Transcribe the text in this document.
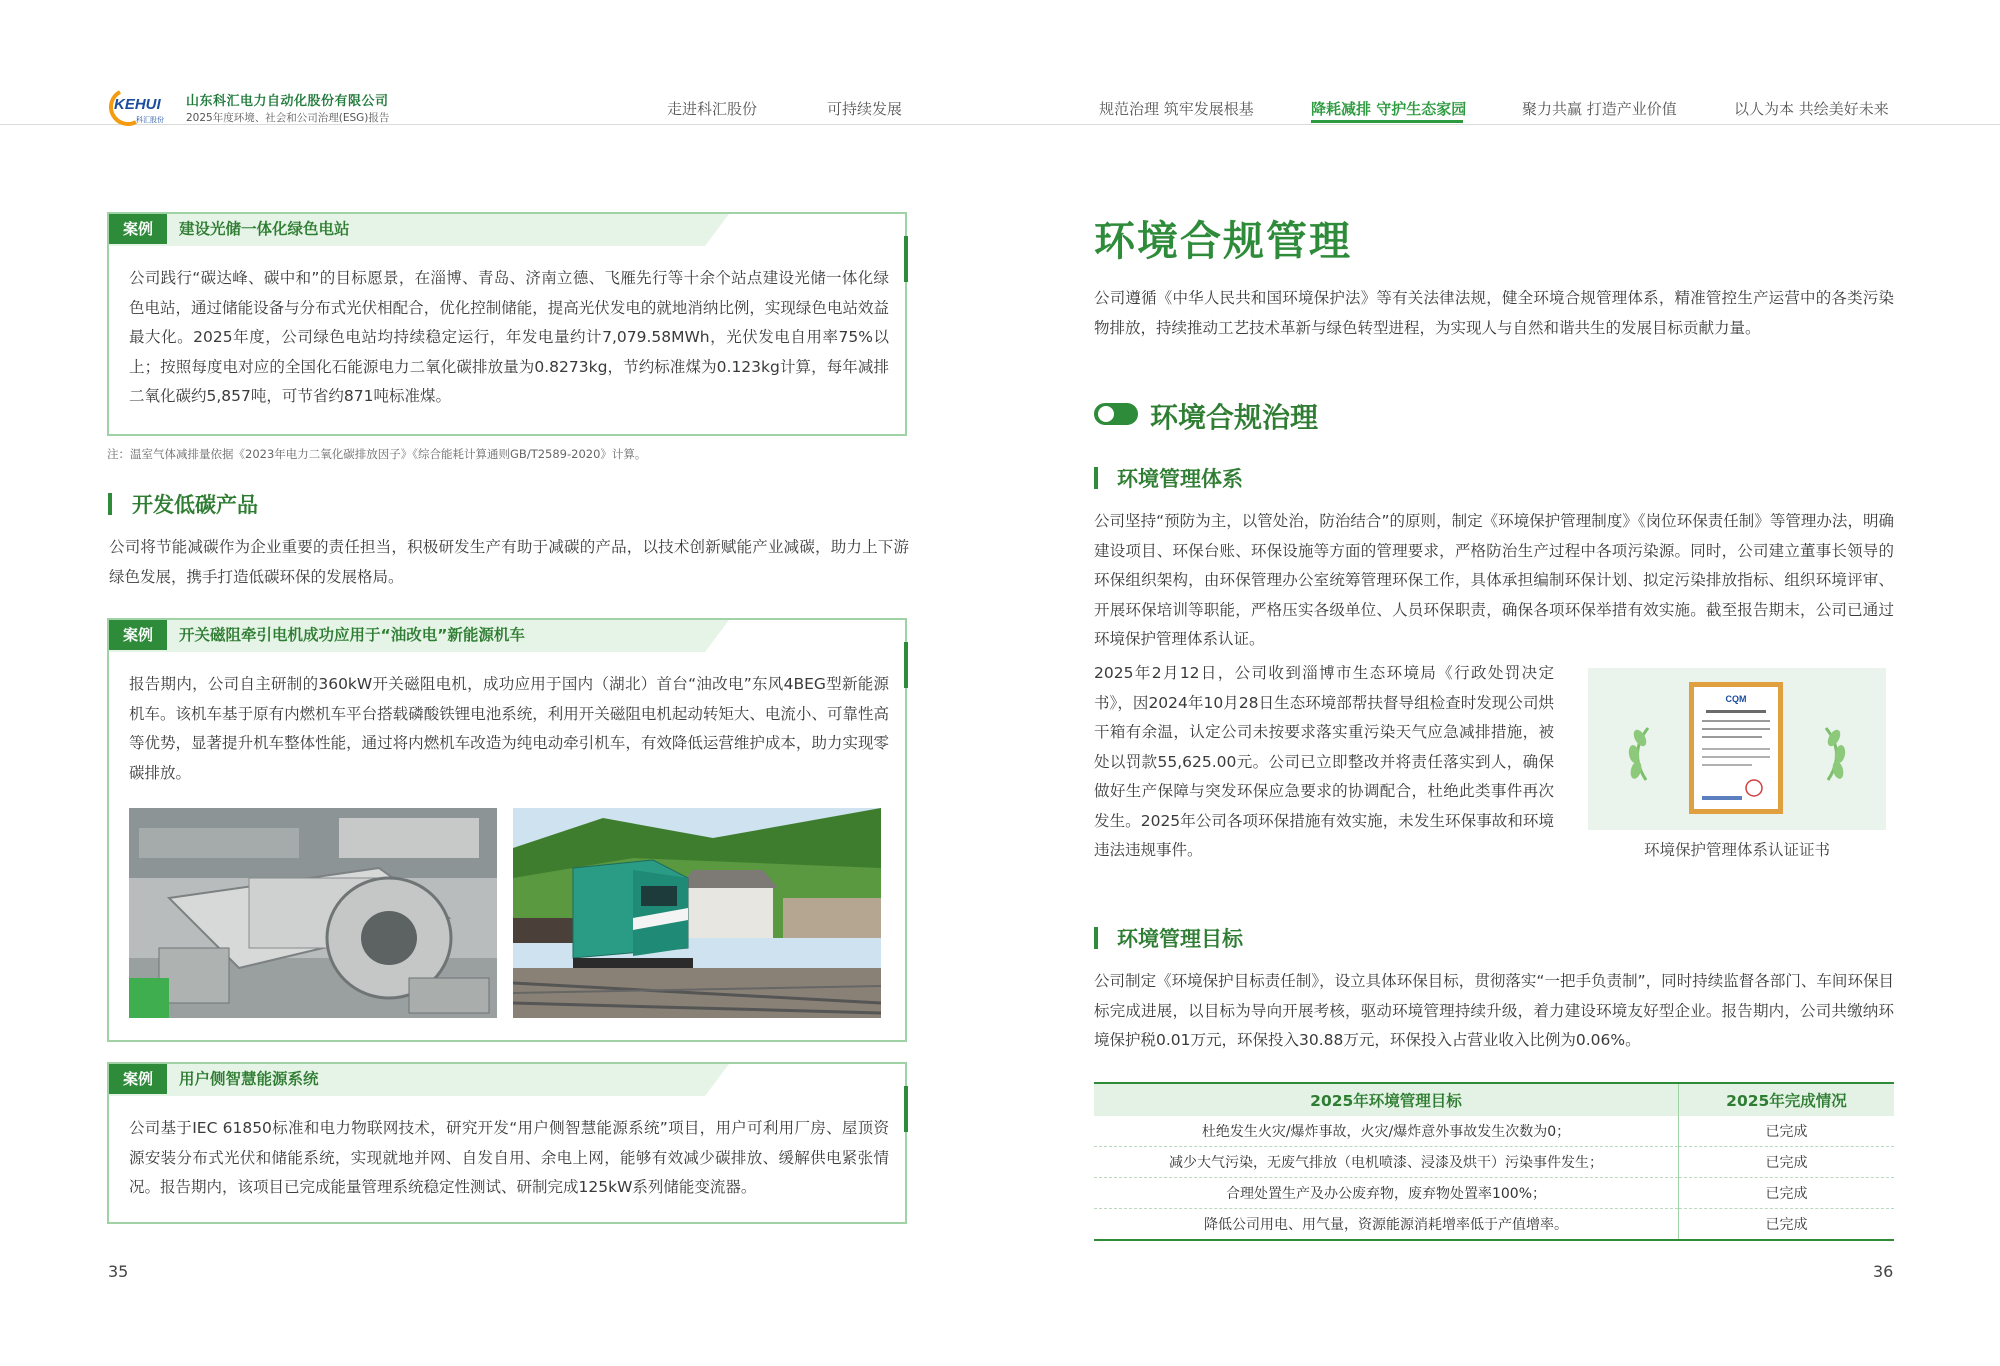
KEHUI
科汇股份
山东科汇电力自动化股份有限公司
2025年度环境、社会和公司治理(ESG)报告	走进科汇股份	可持续发展	规范治理 筑牢发展根基	降耗减排 守护生态家园	聚力共赢 打造产业价值	以人为本 共绘美好未来
案例	建设光储一体化绿色电站
公司践行“碳达峰、碳中和”的目标愿景，在淄博、青岛、济南立德、飞雁先行等十余个站点建设光储一体化绿色电站，通过储能设备与分布式光伏相配合，优化控制储能，提高光伏发电的就地消纳比例，实现绿色电站效益最大化。2025年度，公司绿色电站均持续稳定运行，年发电量约计7,079.58MWh，光伏发电自用率75%以上；按照每度电对应的全国化石能源电力二氧化碳排放量为0.8273kg，节约标准煤为0.123kg计算，每年减排二氧化碳约5,857吨，可节省约871吨标准煤。
注：温室气体减排量依据《2023年电力二氧化碳排放因子》《综合能耗计算通则GB/T2589-2020》计算。
开发低碳产品
公司将节能减碳作为企业重要的责任担当，积极研发生产有助于减碳的产品，以技术创新赋能产业减碳，助力上下游绿色发展，携手打造低碳环保的发展格局。
案例	开关磁阻牵引电机成功应用于“油改电”新能源机车
报告期内，公司自主研制的360kW开关磁阻电机，成功应用于国内（湖北）首台“油改电”东风4BEG型新能源机车。该机车基于原有内燃机车平台搭载磷酸铁锂电池系统，利用开关磁阻电机起动转矩大、电流小、可靠性高等优势，显著提升机车整体性能，通过将内燃机车改造为纯电动牵引机车，有效降低运营维护成本，助力实现零碳排放。
案例	用户侧智慧能源系统
公司基于IEC 61850标准和电力物联网技术，研究开发“用户侧智慧能源系统”项目，用户可利用厂房、屋顶资源安装分布式光伏和储能系统，实现就地并网、自发自用、余电上网，能够有效减少碳排放、缓解供电紧张情况。报告期内，该项目已完成能量管理系统稳定性测试、研制完成125kW系列储能变流器。
35
环境合规管理
公司遵循《中华人民共和国环境保护法》等有关法律法规，健全环境合规管理体系，精准管控生产运营中的各类污染物排放，持续推动工艺技术革新与绿色转型进程，为实现人与自然和谐共生的发展目标贡献力量。
环境合规治理
环境管理体系
公司坚持“预防为主，以管处治，防治结合”的原则，制定《环境保护管理制度》《岗位环保责任制》等管理办法，明确建设项目、环保台账、环保设施等方面的管理要求，严格防治生产过程中各项污染源。同时，公司建立董事长领导的环保组织架构，由环保管理办公室统筹管理环保工作，具体承担编制环保计划、拟定污染排放指标、组织环境评审、开展环保培训等职能，严格压实各级单位、人员环保职责，确保各项环保举措有效实施。截至报告期末，公司已通过环境保护管理体系认证。
2025年2月12日，公司收到淄博市生态环境局《行政处罚决定书》，因2024年10月28日生态环境部帮扶督导组检查时发现公司烘干箱有余温，认定公司未按要求落实重污染天气应急减排措施，被处以罚款55,625.00元。公司已立即整改并将责任落实到人，确保做好生产保障与突发环保应急要求的协调配合，杜绝此类事件再次发生。2025年公司各项环保措施有效实施，未发生环保事故和环境违法违规事件。
CQM
环境保护管理体系认证证书
环境管理目标
公司制定《环境保护目标责任制》，设立具体环保目标，贯彻落实“一把手负责制”，同时持续监督各部门、车间环保目标完成进展，以目标为导向开展考核，驱动环境管理持续升级，着力建设环境友好型企业。报告期内，公司共缴纳环境保护税0.01万元，环保投入30.88万元，环保投入占营业收入比例为0.06%。
2025年环境管理目标	2025年完成情况
杜绝发生火灾/爆炸事故，火灾/爆炸意外事故发生次数为0；	已完成
减少大气污染，无废气排放（电机喷漆、浸漆及烘干）污染事件发生；	已完成
合理处置生产及办公废弃物，废弃物处置率100%；	已完成
降低公司用电、用气量，资源能源消耗增率低于产值增率。	已完成
36
